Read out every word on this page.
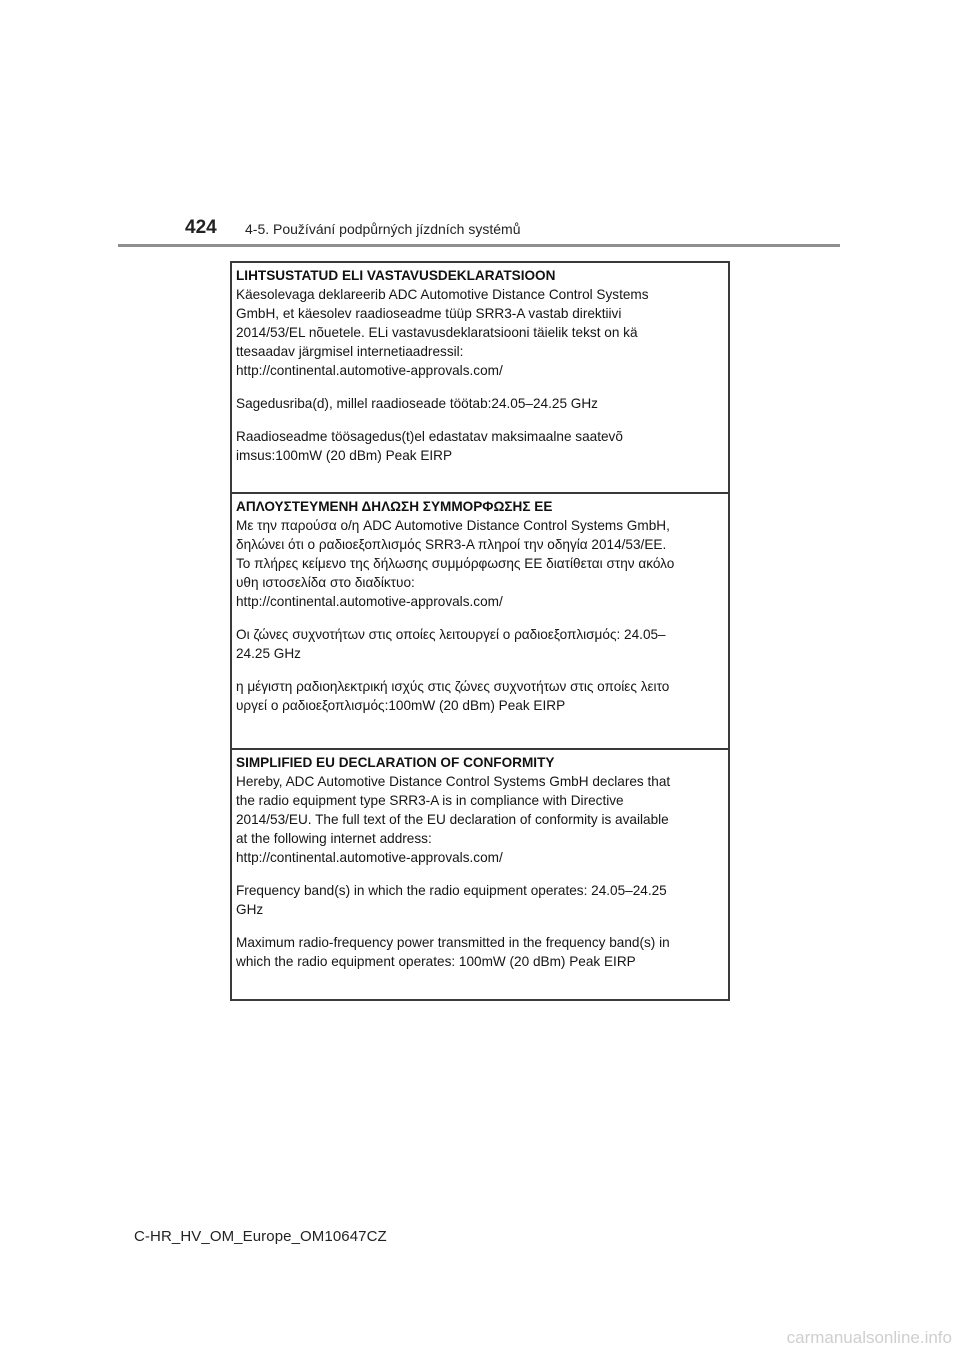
424 4-5. Používání podpůrných jízdních systémů

LIHTSUSTATUD ELI VASTAVUSDEKLARATSIOON

Käesolevaga deklareerib ADC Automotive Distance Control Systems
GmbH, et käesolev raadioseadme tüüp SRR3-A vastab direktiivi
2014/53/EL nõuetele. ELi vastavusdeklaratsiooni täielik tekst on kä
ttesaadav järgmisel internetiaadressil:
http://continental.automotive-approvals.com/

Sagedusriba(d), millel raadioseade töötab:24.05–24.25 GHz

Raadioseadme töösagedus(t)el edastatav maksimaalne saatevõ
imsus:100mW (20 dBm) Peak EIRP

ΑΠΛΟΥΣΤΕΥΜΕΝΗ ΔΗΛΩΣΗ ΣΥΜΜΟΡΦΩΣΗΣ ΕΕ

Με την παρούσα ο/η ADC Automotive Distance Control Systems GmbH,
δηλώνει ότι ο ραδιοεξοπλισμός SRR3-A πληροί την οδηγία 2014/53/ΕΕ.
Το πλήρες κείμενο της δήλωσης συμμόρφωσης ΕΕ διατίθεται στην ακόλο
υθη ιστοσελίδα στο διαδίκτυο:
http://continental.automotive-approvals.com/

Οι ζώνες συχνοτήτων στις οποίες λειτουργεί ο ραδιοεξοπλισμός: 24.05–
24.25 GHz

η μέγιστη ραδιοηλεκτρική ισχύς στις ζώνες συχνοτήτων στις οποίες λειτο
υργεί ο ραδιοεξοπλισμός:100mW (20 dBm) Peak EIRP

SIMPLIFIED EU DECLARATION OF CONFORMITY

Hereby, ADC Automotive Distance Control Systems GmbH declares that
the radio equipment type SRR3-A is in compliance with Directive
2014/53/EU. The full text of the EU declaration of conformity is available
at the following internet address:
http://continental.automotive-approvals.com/

Frequency band(s) in which the radio equipment operates: 24.05–24.25
GHz

Maximum radio-frequency power transmitted in the frequency band(s) in
which the radio equipment operates: 100mW (20 dBm) Peak EIRP

C-HR_HV_OM_Europe_OM10647CZ
carmanualsonline.info
